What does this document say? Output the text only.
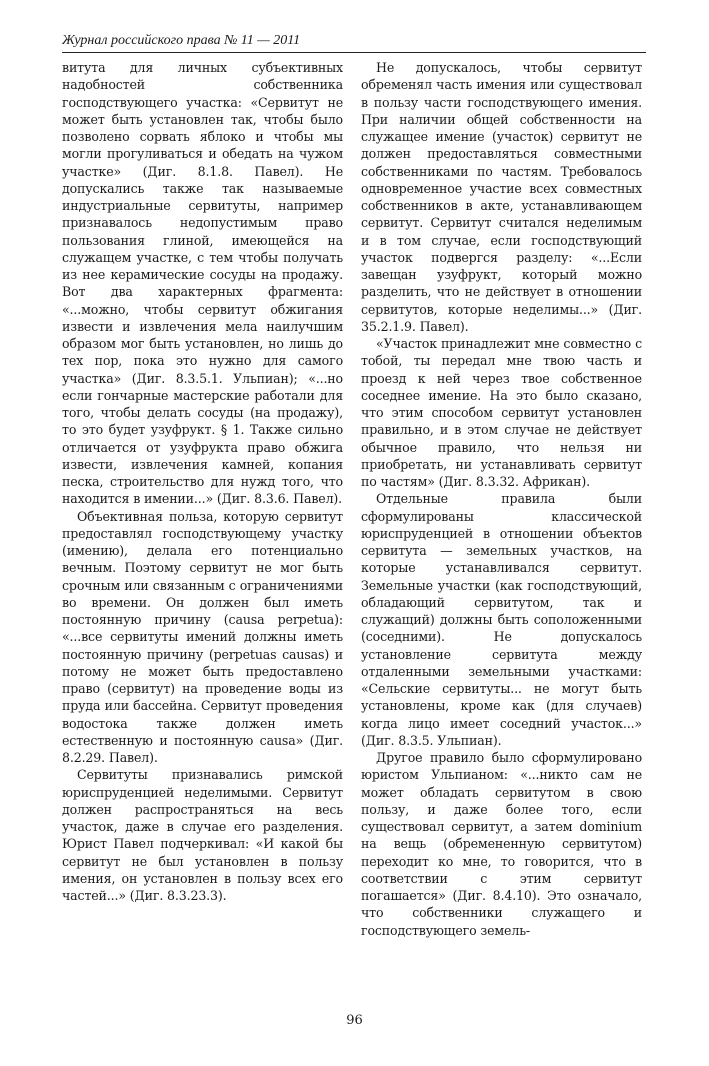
Журнал российского права № 11 — 2011

витута для личных субъективных надобностей собственника господствующего участка: «Сервитут не может быть установлен так, чтобы было позволено сорвать яблоко и чтобы мы могли прогуливаться и обедать на чужом участке» (Диг. 8.1.8. Павел). Не допускались также так называемые индустриальные сервитуты, например признавалось недопустимым право пользования глиной, имеющейся на служащем участке, с тем чтобы получать из нее керамические сосуды на продажу. Вот два характерных фрагмента: «...можно, чтобы сервитут обжигания извести и извлечения мела наилучшим образом мог быть установлен, но лишь до тех пор, пока это нужно для самого участка» (Диг. 8.3.5.1. Ульпиан); «...но если гончарные мастерские работали для того, чтобы делать сосуды (на продажу), то это будет узуфрукт. § 1. Также сильно отличается от узуфрукта право обжига извести, извлечения камней, копания песка, строительство для нужд того, что находится в имении...» (Диг. 8.3.6. Павел).

Объективная польза, которую сервитут предоставлял господствующему участку (имению), делала его потенциально вечным. Поэтому сервитут не мог быть срочным или связанным с ограничениями во времени. Он должен был иметь постоянную причину (causa perpetua): «...все сервитуты имений должны иметь постоянную причину (perpetuas causas) и потому не может быть предоставлено право (сервитут) на проведение воды из пруда или бассейна. Сервитут проведения водостока также должен иметь естественную и постоянную causa» (Диг. 8.2.29. Павел).

Сервитуты признавались римской юриспруденцией неделимыми. Сервитут должен распространяться на весь участок, даже в случае его разделения. Юрист Павел подчеркивал: «И какой бы сервитут не был установлен в пользу имения, он установлен в пользу всех его частей...» (Диг. 8.3.23.3).

Не допускалось, чтобы сервитут обременял часть имения или существовал в пользу части господствующего имения. При наличии общей собственности на служащее имение (участок) сервитут не должен предоставляться совместными собственниками по частям. Требовалось одновременное участие всех совместных собственников в акте, устанавливающем сервитут. Сервитут считался неделимым и в том случае, если господствующий участок подвергся разделу: «...Если завещан узуфрукт, который можно разделить, что не действует в отношении сервитутов, которые неделимы...» (Диг. 35.2.1.9. Павел).

«Участок принадлежит мне совместно с тобой, ты передал мне твою часть и проезд к ней через твое собственное соседнее имение. На это было сказано, что этим способом сервитут установлен правильно, и в этом случае не действует обычное правило, что нельзя ни приобретать, ни устанавливать сервитут по частям» (Диг. 8.3.32. Африкан).

Отдельные правила были сформулированы классической юриспруденцией в отношении объектов сервитута — земельных участков, на которые устанавливался сервитут. Земельные участки (как господствующий, обладающий сервитутом, так и служащий) должны быть соположенными (соседними). Не допускалось установление сервитута между отдаленными земельными участками: «Сельские сервитуты... не могут быть установлены, кроме как (для случаев) когда лицо имеет соседний участок...» (Диг. 8.3.5. Ульпиан).

Другое правило было сформулировано юристом Ульпианом: «...никто сам не может обладать сервитутом в свою пользу, и даже более того, если существовал сервитут, а затем dominium на вещь (обремененную сервитутом) переходит ко мне, то говорится, что в соответствии с этим сервитут погашается» (Диг. 8.4.10). Это означало, что собственники служащего и господствующего земель-

96
